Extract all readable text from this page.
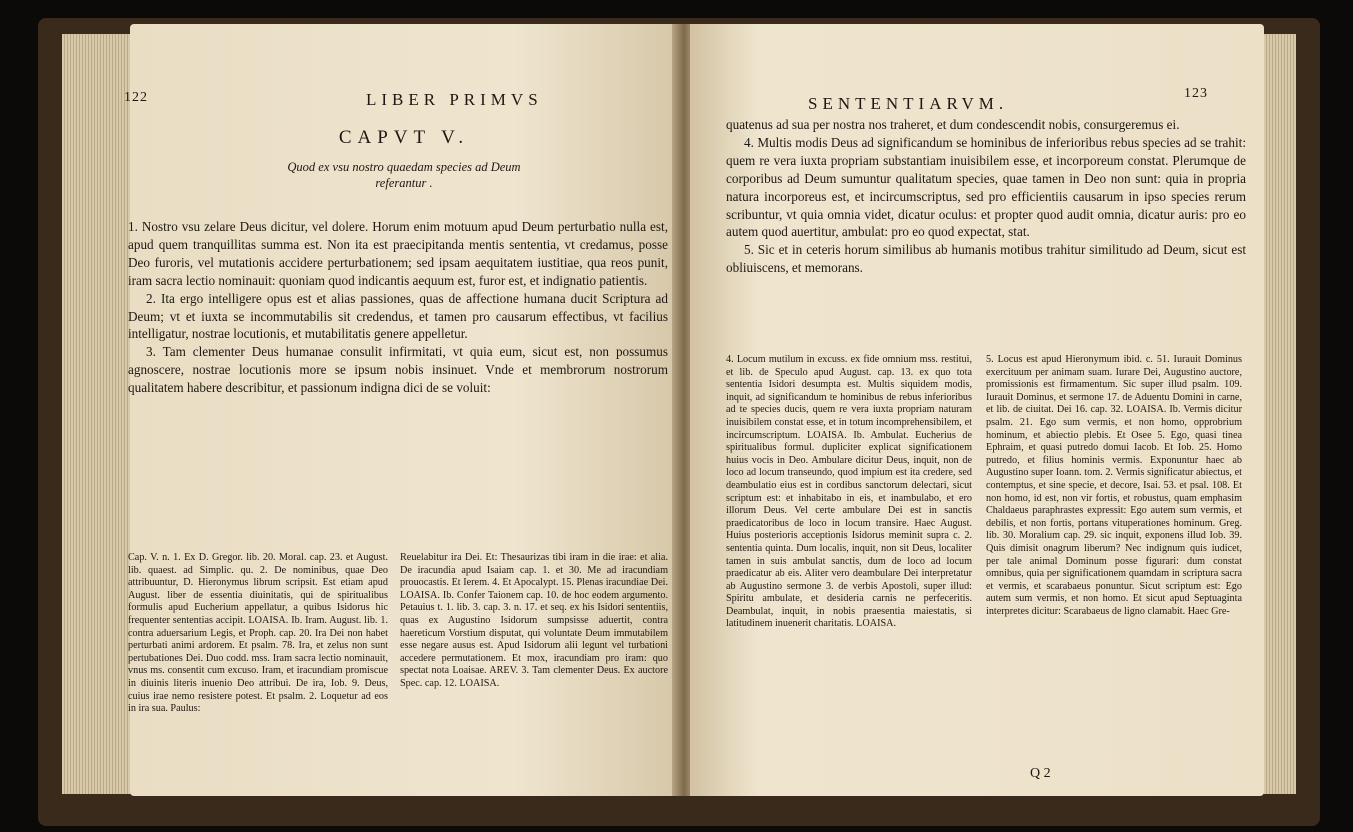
122	LIBER PRIMVS
CAPVT V.
Quod ex vsu nostro quaedam species ad Deum
referantur .

1. Nostro vsu zelare Deus dicitur, vel dolere. Horum enim motuum apud Deum perturbatio nulla est, apud quem tranquillitas summa est. Non ita est praecipitanda mentis sententia, vt credamus, posse Deo furoris, vel mutationis accidere perturbationem; sed ipsam aequitatem iustitiae, qua reos punit, iram sacra lectio nominauit: quoniam quod indicantis aequum est, furor est, et indignatio patientis.

2. Ita ergo intelligere opus est et alias passiones, quas de affectione humana ducit Scriptura ad Deum; vt et iuxta se incommutabilis sit credendus, et tamen pro causarum effectibus, vt facilius intelligatur, nostrae locutionis, et mutabilitatis genere appelletur.

3. Tam clementer Deus humanae consulit infirmitati, vt quia eum, sicut est, non possumus agnoscere, nostrae locutionis more se ipsum nobis insinuet. Vnde et membrorum nostrorum qualitatem habere describitur, et passionum indigna dici de se voluit:

Cap. V. n. 1. Ex D. Gregor. lib. 20. Moral. cap. 23. et August. lib. quaest. ad Simplic. qu. 2. De nominibus, quae Deo attribuuntur, D. Hieronymus librum scripsit. Est etiam apud August. liber de essentia diuinitatis, qui de spiritualibus formulis apud Eucherium appellatur, a quibus Isidorus hic frequenter sententias accipit. LOAISA. Ib. Iram. August. lib. 1. contra aduersarium Legis, et Proph. cap. 20. Ira Dei non habet perturbati animi ardorem. Et psalm. 78. Ira, et zelus non sunt pertubationes Dei. Duo codd. mss. Iram sacra lectio nominauit, vnus ms. consentit cum excuso. Iram, et iracundiam promiscue in diuinis literis inuenio Deo attribui. De ira, Iob. 9. Deus, cuius irae nemo resistere potest. Et psalm. 2. Loquetur ad eos in ira sua. Paulus:
Reuelabitur ira Dei. Et: Thesaurizas tibi iram in die irae: et alia. De iracundia apud Isaiam cap. 1. et 30. Me ad iracundiam prouocastis. Et Ierem. 4. Et Apocalypt. 15. Plenas iracundiae Dei. LOAISA. Ib. Confer Taionem cap. 10. de hoc eodem argumento. Petauius t. 1. lib. 3. cap. 3. n. 17. et seq. ex his Isidori sententiis, quas ex Augustino Isidorum sumpsisse aduertit, contra haereticum Vorstium disputat, qui voluntate Deum immutabilem esse negare ausus est. Apud Isidorum alii legunt vel turbationi accedere permutationem. Et mox, iracundiam pro iram: quo spectat nota Loaisae. AREV. 3. Tam clementer Deus. Ex auctore Spec. cap. 12. LOAISA.
SENTENTIARVM.
123

quatenus ad sua per nostra nos traheret, et dum condescendit nobis, consurgeremus ei.

4. Multis modis Deus ad significandum se hominibus de inferioribus rebus species ad se trahit: quem re vera iuxta propriam substantiam inuisibilem esse, et incorporeum constat. Plerumque de corporibus ad Deum sumuntur qualitatum species, quae tamen in Deo non sunt: quia in propria natura incorporeus est, et incircumscriptus, sed pro efficientiis causarum in ipso species rerum scribuntur, vt quia omnia videt, dicatur oculus: et propter quod audit omnia, dicatur auris: pro eo autem quod auertitur, ambulat: pro eo quod expectat, stat.

5. Sic et in ceteris horum similibus ab humanis motibus trahitur similitudo ad Deum, sicut est obliuiscens, et memorans.

4. Locum mutilum in excuss. ex fide omnium mss. restitui, et lib. de Speculo apud August. cap. 13. ex quo tota sententia Isidori desumpta est. Multis siquidem modis, inquit, ad significandum te hominibus de rebus inferioribus ad te species ducis, quem re vera iuxta propriam naturam inuisibilem constat esse, et in totum incomprehensibilem, et incircumscriptum. LOAISA. Ib. Ambulat. Eucherius de spiritualibus formul. dupliciter explicat significationem huius vocis in Deo. Ambulare dicitur Deus, inquit, non de loco ad locum transeundo, quod impium est ita credere, sed deambulatio eius est in cordibus sanctorum delectari, sicut scriptum est: et inhabitabo in eis, et inambulabo, et ero illorum Deus. Vel certe ambulare Dei est in sanctis praedicatoribus de loco in locum transire. Haec August. Huius posterioris acceptionis Isidorus meminit supra c. 2. sententia quinta. Dum localis, inquit, non sit Deus, localiter tamen in suis ambulat sanctis, dum de loco ad locum praedicatur ab eis. Aliter vero deambulare Dei interpretatur ab Augustino sermone 3. de verbis Apostoli, super illud: Spiritu ambulate, et desideria carnis ne perfeceritis. Deambulat, inquit, in nobis praesentia maiestatis, si latitudinem inuenerit charitatis. LOAISA.
5. Locus est apud Hieronymum ibid. c. 51. Iurauit Dominus exercituum per animam suam. Iurare Dei, Augustino auctore, promissionis est firmamentum. Sic super illud psalm. 109. Iurauit Dominus, et sermone 17. de Aduentu Domini in carne, et lib. de ciuitat. Dei 16. cap. 32. LOAISA. Ib. Vermis dicitur psalm. 21. Ego sum vermis, et non homo, opprobrium hominum, et abiectio plebis. Et Osee 5. Ego, quasi tinea Ephraim, et quasi putredo domui Iacob. Et Iob. 25. Homo putredo, et filius hominis vermis. Exponuntur haec ab Augustino super Ioann. tom. 2. Vermis significatur abiectus, et contemptus, et sine specie, et decore, Isai. 53. et psal. 108. Et non homo, id est, non vir fortis, et robustus, quam emphasim Chaldaeus paraphrastes expressit: Ego autem sum vermis, et debilis, et non fortis, portans vituperationes hominum. Greg. lib. 30. Moralium cap. 29. sic inquit, exponens illud Iob. 39. Quis dimisit onagrum liberum? Nec indignum quis iudicet, per tale animal Dominum posse figurari: dum constat omnibus, quia per significationem quamdam in scriptura sacra et vermis, et scarabaeus ponuntur. Sicut scriptum est: Ego autem sum vermis, et non homo. Et sicut apud Septuaginta interpretes dicitur: Scarabaeus de ligno clamabit. Haec Gre-
Q 2
